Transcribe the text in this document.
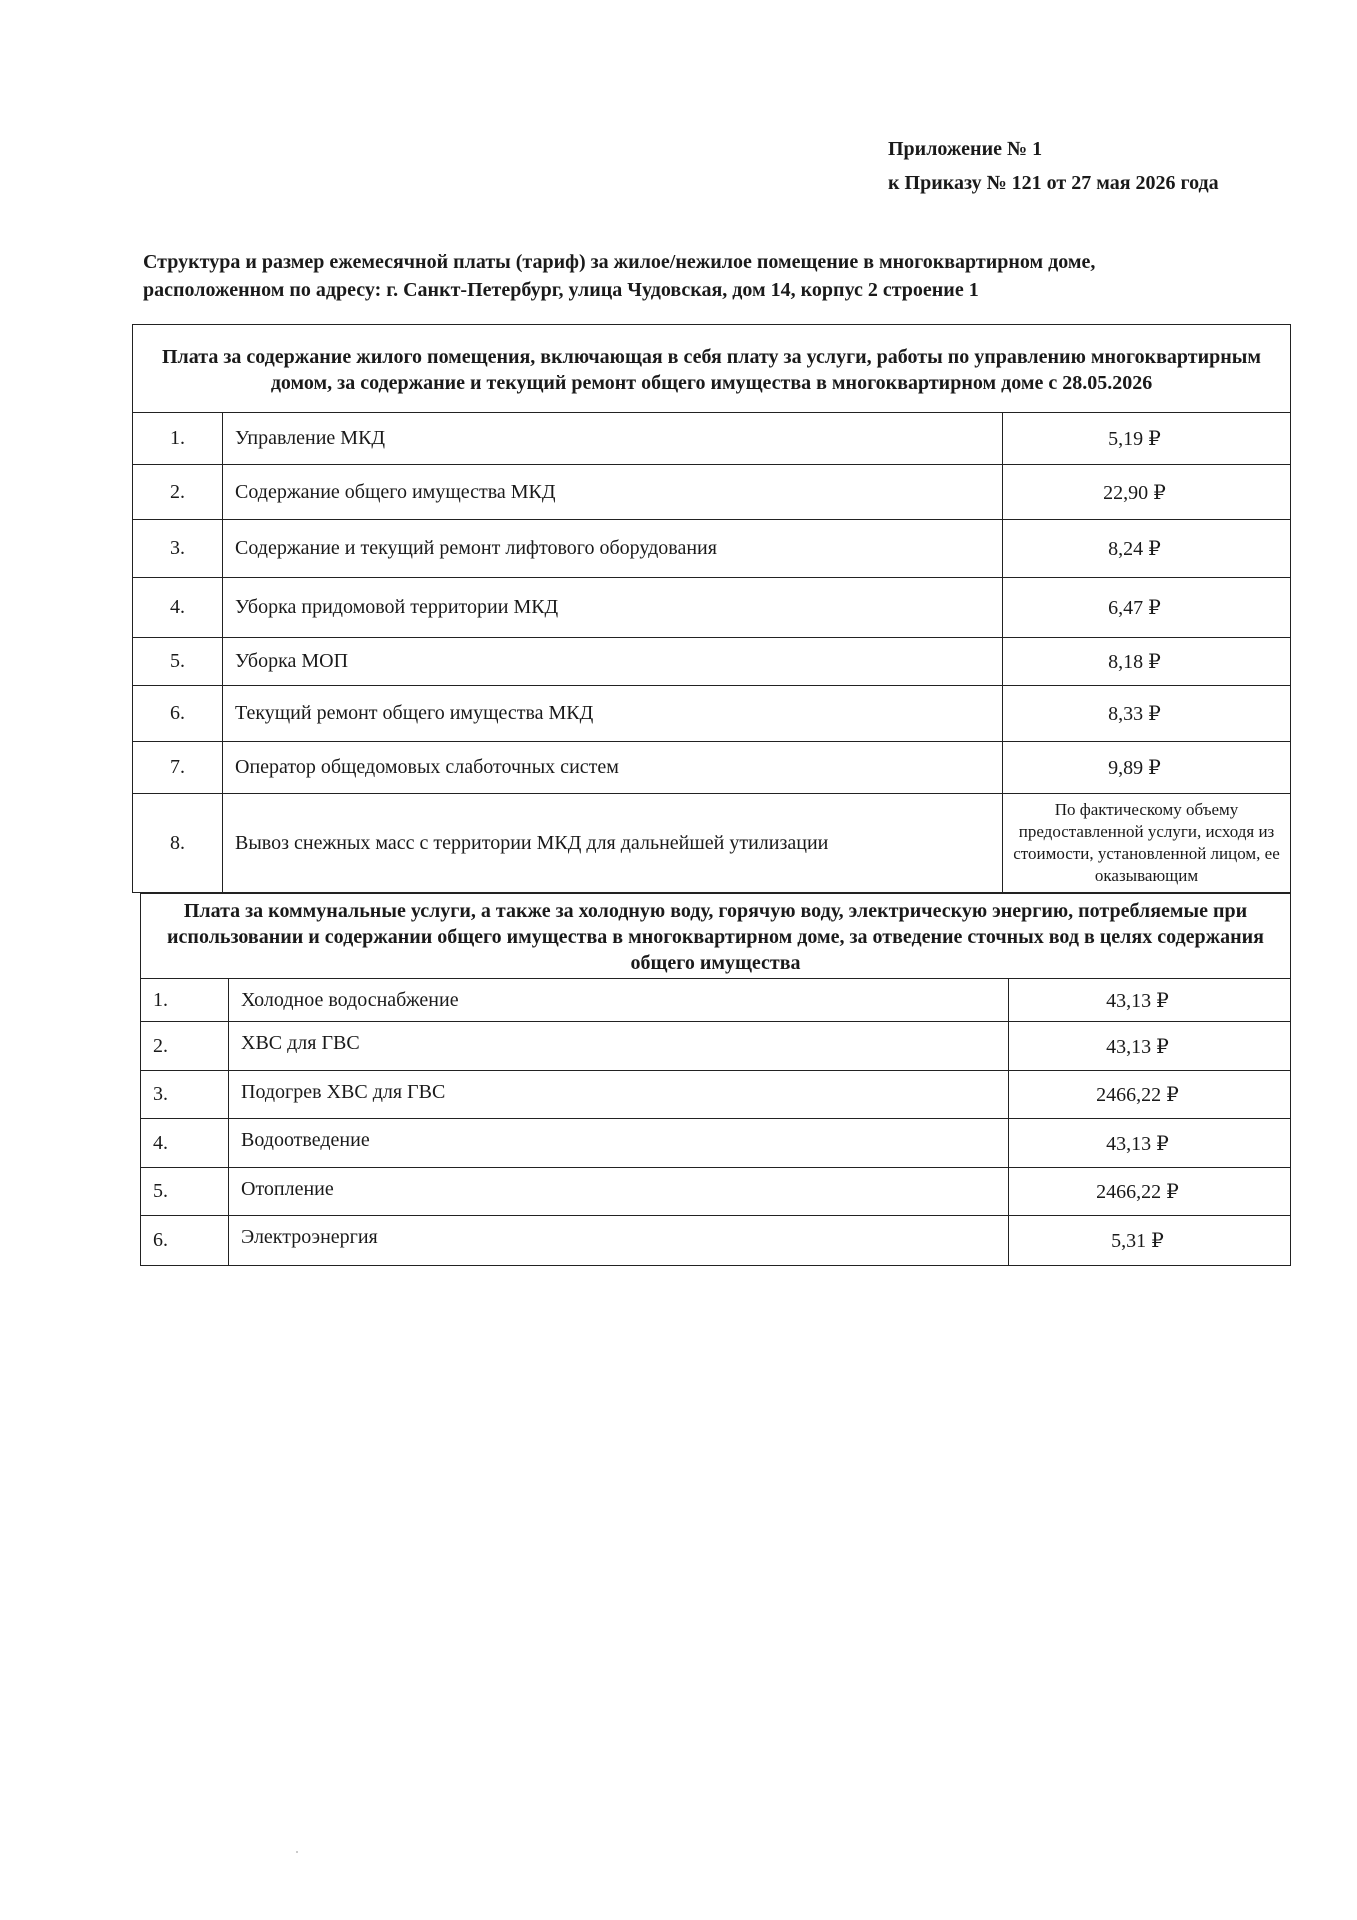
Приложение № 1
к Приказу № 121 от 27 мая 2026 года
Структура и размер ежемесячной платы (тариф) за жилое/нежилое помещение в многоквартирном доме,
расположенном по адресу: г. Санкт-Петербург, улица Чудовская, дом 14, корпус 2 строение 1
Плата за содержание жилого помещения, включающая в себя плату за услуги, работы по управлению многоквартирным домом, за содержание и текущий ремонт общего имущества в многоквартирном доме с 28.05.2026		
1.	Управление МКД	5,19 ₽
2.	Содержание общего имущества МКД	22,90 ₽
3.	Содержание и текущий ремонт лифтового оборудования	8,24 ₽
4.	Уборка придомовой территории МКД	6,47 ₽
5.	Уборка МОП	8,18 ₽
6.	Текущий ремонт общего имущества МКД	8,33 ₽
7.	Оператор общедомовых слаботочных систем	9,89 ₽
8.	Вывоз снежных масс с территории МКД для дальнейшей утилизации	По фактическому объему предоставленной услуги, исходя из стоимости, установленной лицом, ее оказывающим
Плата за коммунальные услуги, а также за холодную воду, горячую воду, электрическую энергию, потребляемые при использовании и содержании общего имущества в многоквартирном доме, за отведение сточных вод в целях содержания общего имущества		
1.	Холодное водоснабжение	43,13 ₽
2.	ХВС для ГВС	43,13 ₽
3.	Подогрев ХВС для ГВС	2466,22 ₽
4.	Водоотведение	43,13 ₽
5.	Отопление	2466,22 ₽
6.	Электроэнергия	5,31 ₽
